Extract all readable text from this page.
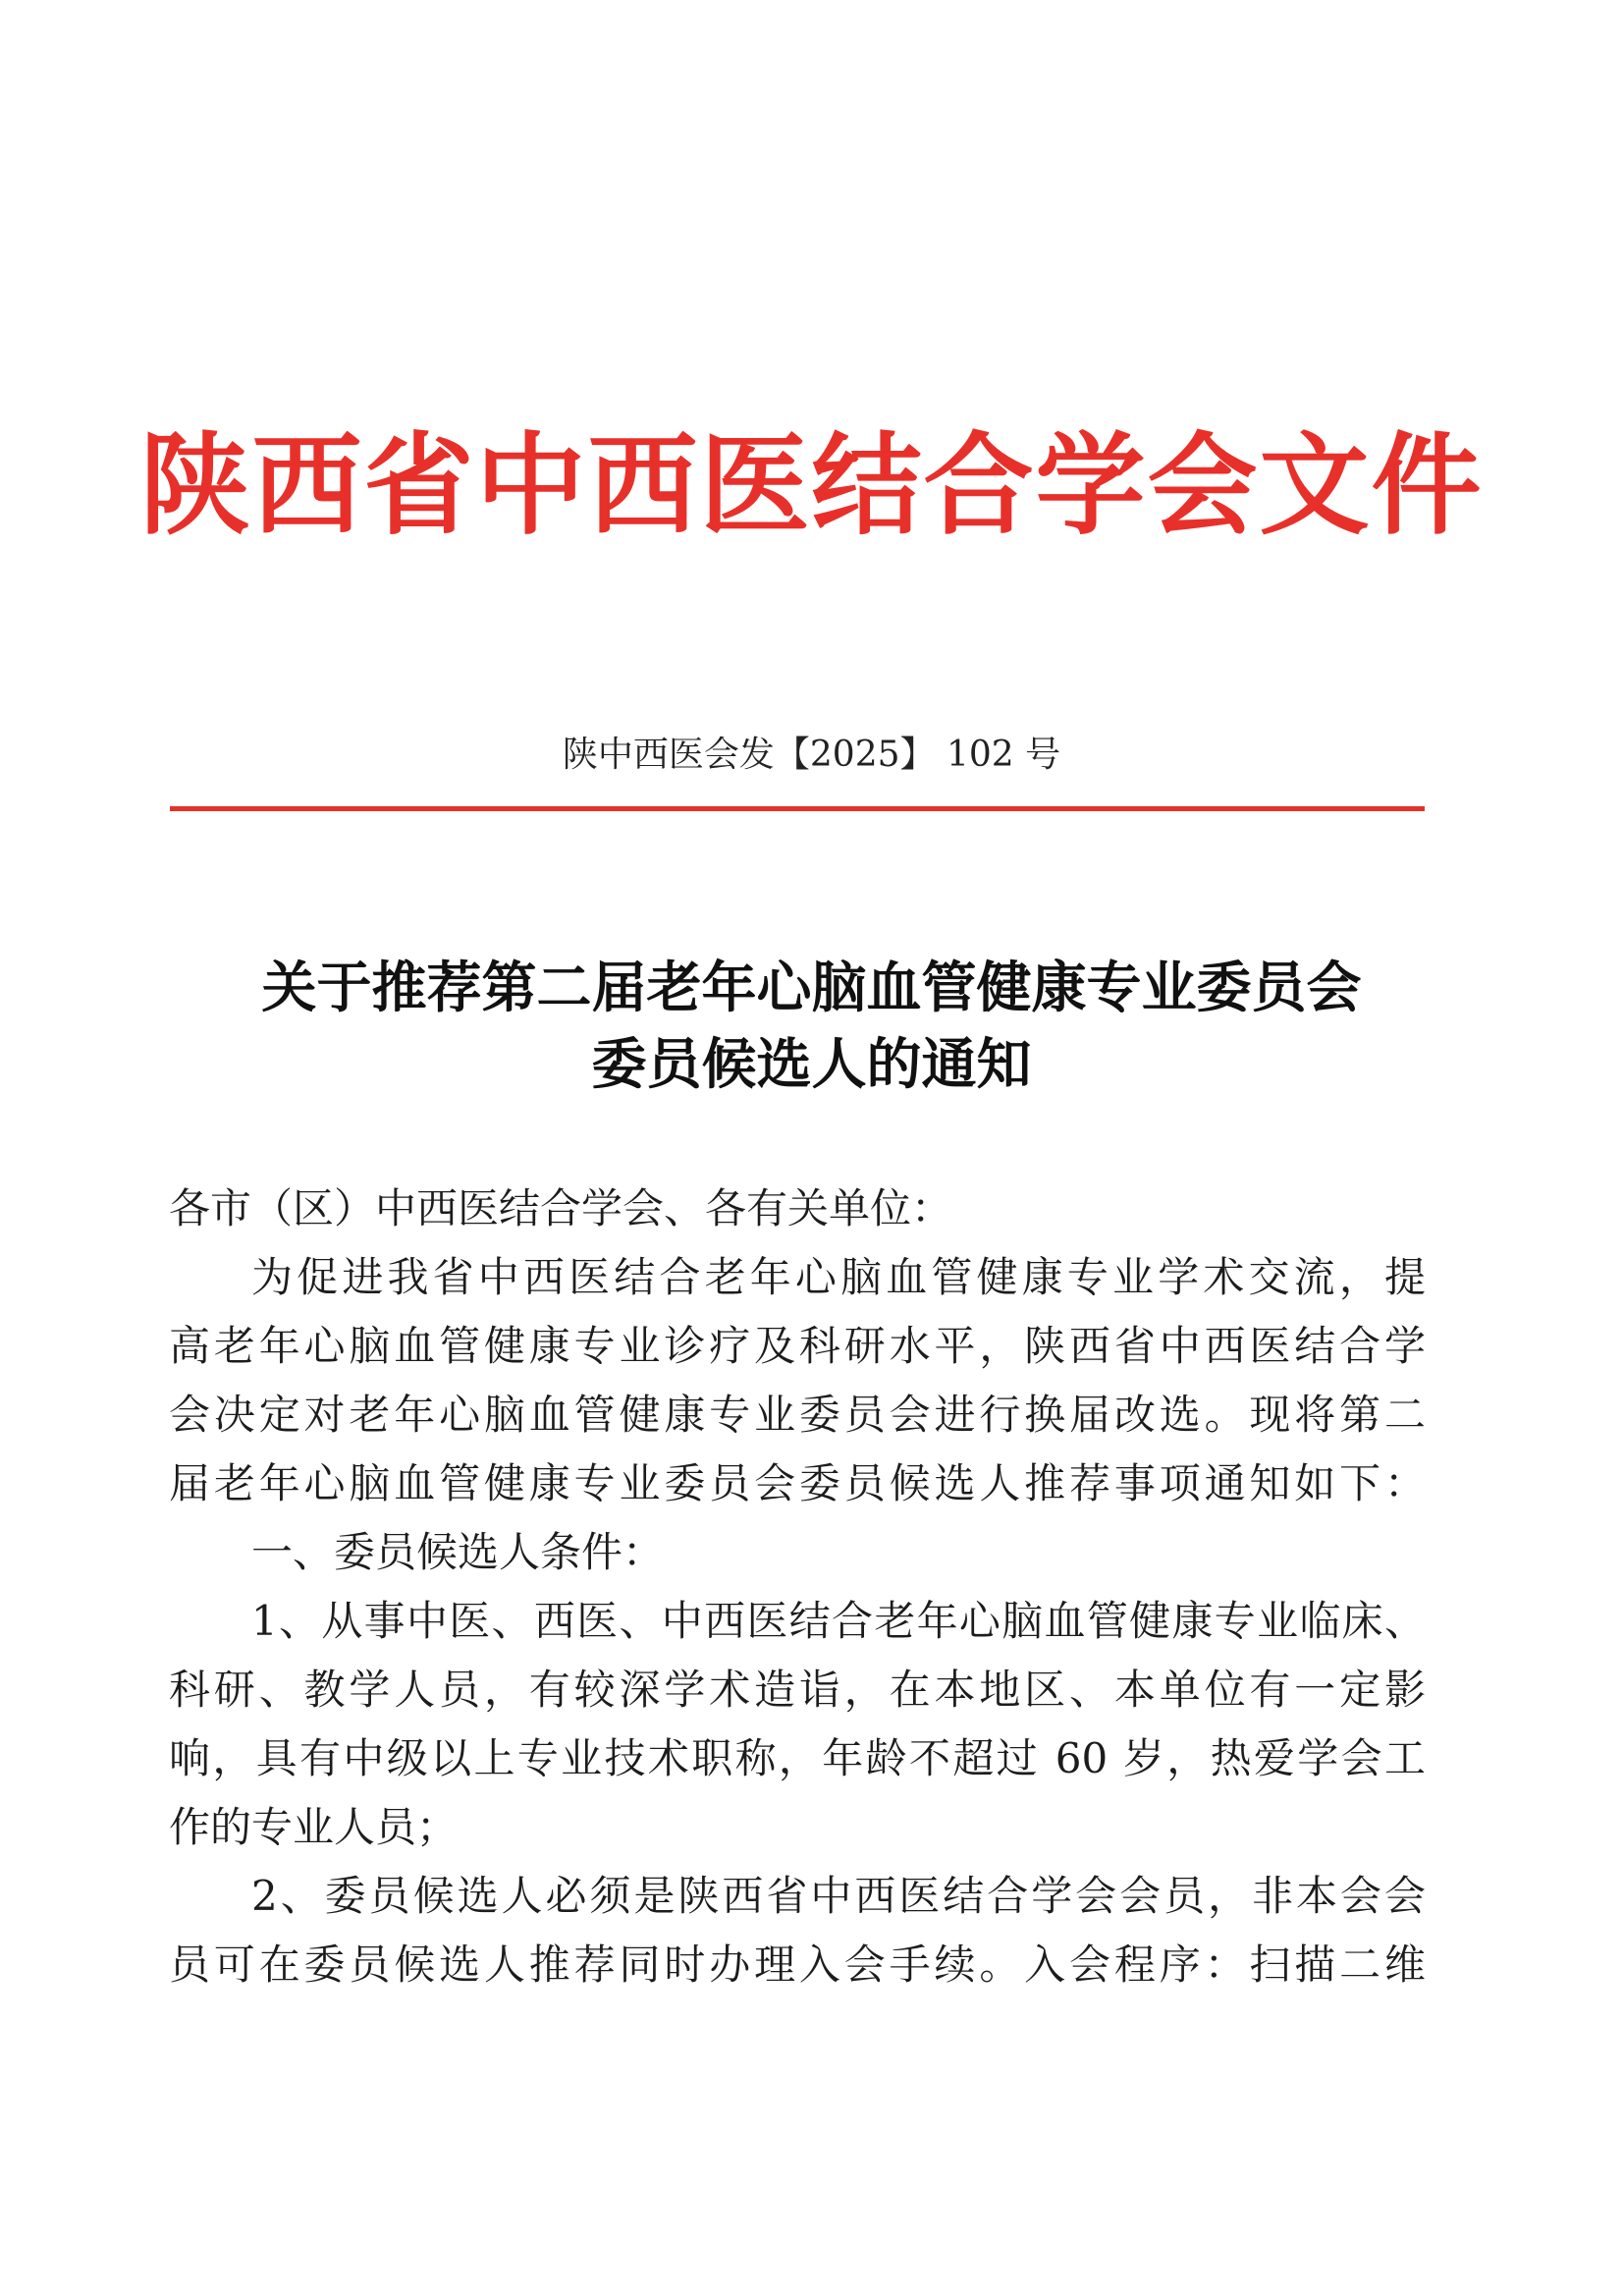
陕西省中西医结合学会文件
陕中西医会发【2025】 102 号
关于推荐第二届老年心脑血管健康专业委员会
委员候选人的通知
各市（区）中西医结合学会、各有关单位：
为促进我省中西医结合老年心脑血管健康专业学术交流，提
高老年心脑血管健康专业诊疗及科研水平，陕西省中西医结合学
会决定对老年心脑血管健康专业委员会进行换届改选。现将第二
届老年心脑血管健康专业委员会委员候选人推荐事项通知如下：
一、委员候选人条件：
1、从事中医、西医、中西医结合老年心脑血管健康专业临床、
科研、教学人员，有较深学术造诣，在本地区、本单位有一定影
响，具有中级以上专业技术职称，年龄不超过 60 岁，热爱学会工
作的专业人员；
2、委员候选人必须是陕西省中西医结合学会会员，非本会会
员可在委员候选人推荐同时办理入会手续。入会程序：扫描二维
